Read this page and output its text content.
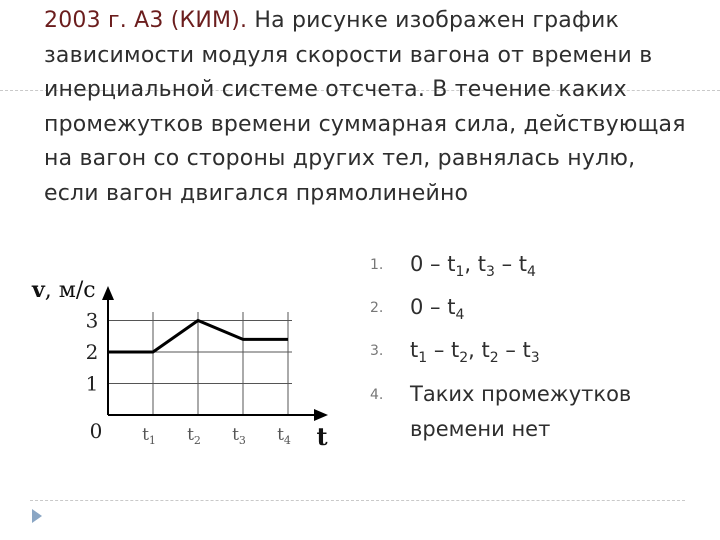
2003 г. А3 (КИМ). На рисунке изображен график зависимости модуля скорости вагона от времени в инерциальной системе отсчета. В течение каких промежутков времени суммарная сила, действующая на вагон со стороны других тел, равнялась нулю, если вагон двигался прямолинейно

1
2
3
0 $t_1$ $t_2$ $t_3$ $t_4$ t
v, м/с
1. $0 - t_1$, $t_3 - t_4$
2. $0 - t_4$
3. $t_1 - t_2$, $t_2 - t_3$
4. Таких промежутков времени нет
